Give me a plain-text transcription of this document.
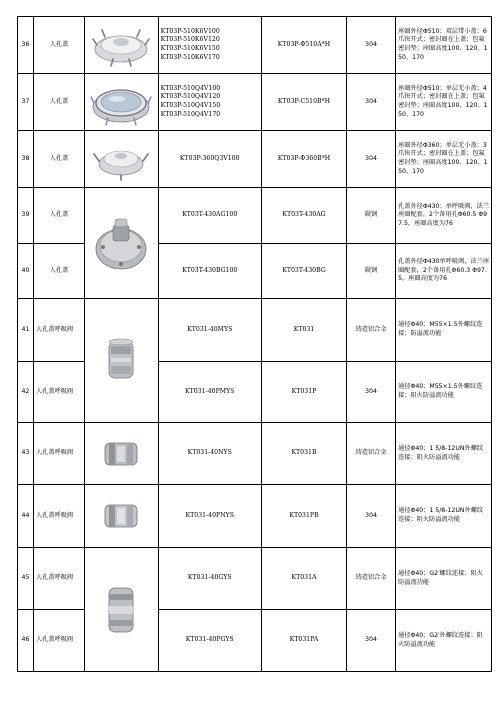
36	人孔盖		KT03P-510K6V100
KT03P-510K6V120
KT03P-510K6V150
KT03P-510K6V170	KT03P-Φ510A*H	304	座圈外径Φ510；双层带小盖；6爪快开式；密封圈在上盖；包氟密封垫；座圈高度100、120、150、170
37	人孔盖		KT03P-510Q4V100
KT03P-510Q4V120
KT03P-510Q4V150
KT03P-510Q4V170	KT03P-C510B*H	304	座圈外径Φ510；单层无小盖；4爪快开式；密封圈在上盖；包氟密封垫；座圈高度100、120、150、170
38	人孔盖		KT03P-360Q3V100	KT03P-Φ360B*H	304	座圈外径Φ360；单层无小盖；3爪快开式；密封圈在上盖；包氟密封垫；座圈高度100、120、150、170
39	人孔盖		KT03T-430AG100	KT03T-430AG	碳钢	孔盖外径Φ430；单呼吸阀，法兰座圈配套，2个备用孔Φ60.5 Φ97.5，座圈高度为76
40	人孔盖		KT03T-430BG100	KT03T-430BG	碳钢	孔盖外径Φ430单呼吸阀，法兰座圈配套，2个备用孔Φ60.3 Φ97.5，座圈高度为76
41	人孔盖呼吸阀		KT031-40MYS	KT031	铸造铝合金	通径Φ40；M55×1.5外螺纹连接；防溢流功能
42	人孔盖呼吸阀		KT031-40PMYS	KT031P	304	通径Φ40；M55×1.5外螺纹连接；阻火防溢流功能
43	人孔盖呼吸阀		KT031-40NYS	KT031B	铸造铝合金	通径Φ40；1 5/8-12UN外螺纹连接；阻火防溢流功能
44	人孔盖呼吸阀		KT031-40PNYS	KT031PB	304	通径Φ40；1 5/8-12UN外螺纹连接；阻火防溢流功能
45	人孔盖呼吸阀		KT031-40GYS	KT031A	铸造铝合金	通径Φ40；G2′螺纹连接；阻火防溢流功能
46	人孔盖呼吸阀		KT031-40PGYS	KT031PA	304	通径Φ40；G2′外螺纹连接；阻火防溢流功能
